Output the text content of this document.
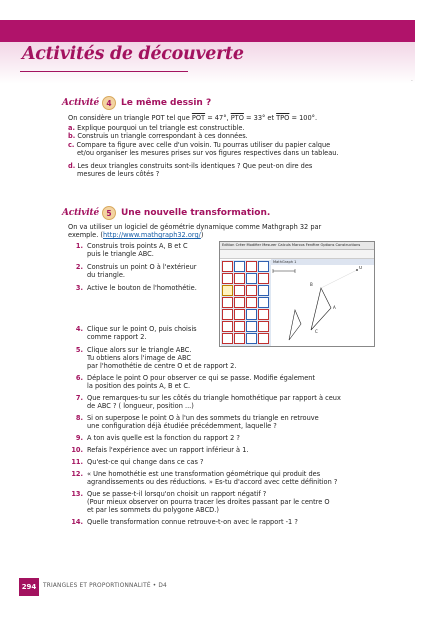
Activités de découverte
.
Activité 4	Le même dessin ?
On considère un triangle POT tel que $\overline{POT} = 47^\circ$, $\overline{PTO} = 33^\circ$ et $\overline{TPO} = 100^\circ$.
a. Explique pourquoi un tel triangle est constructible.
b. Construis un triangle correspondant à ces données.
c. Compare ta figure avec celle d'un voisin. Tu pourras utiliser du papier calque
et/ou organiser les mesures prises sur vos figures respectives dans un tableau.
d. Les deux triangles construits sont-ils identiques ? Que peut-on dire des
mesures de leurs côtés ?
Activité 5	Une nouvelle transformation.
On va utiliser un logiciel de géométrie dynamique comme Mathgraph 32 par
exemple. (http://www.mathgraph32.org/)
1. Construis trois points A, B et C
puis le triangle ABC.
2. Construis un point O à l'extérieur
du triangle.
3. Active le bouton de l'homothétie.
4. Clique sur le point O, puis choisis
comme rapport 2.
5. Clique alors sur le triangle ABC.
Tu obtiens alors l'image de ABC
par l'homothétie de centre O et de rapport 2.
6. Déplace le point O pour observer ce qui se passe. Modifie également
la position des points A, B et C.
7. Que remarques-tu sur les côtés du triangle homothétique par rapport à ceux
de ABC ? ( longueur, position ...)
8. Si on superpose le point O à l'un des sommets du triangle en retrouve
une configuration déjà étudiée précédemment, laquelle ?
9. A ton avis quelle est la fonction du rapport 2 ?
10. Refais l'expérience avec un rapport inférieur à 1.
11. Qu'est-ce qui change dans ce cas ?
12. « Une homothétie est une transformation géométrique qui produit des
agrandissements ou des réductions. » Es-tu d'accord avec cette définition ?
13. Que se passe-t-il lorsqu'on choisit un rapport négatif ?
(Pour mieux observer on pourra tracer les droites passant par le centre O
et par les sommets du polygone ABCD.)
14. Quelle transformation connue retrouve-t-on avec le rapport -1 ?
Edition Créer Modifier Mesurer Calculs Marcos Fenêtre Options Constructions
MathGraph 1
B
A
C
O
294	TRIANGLES ET PROPORTIONNALITÉ • D4
